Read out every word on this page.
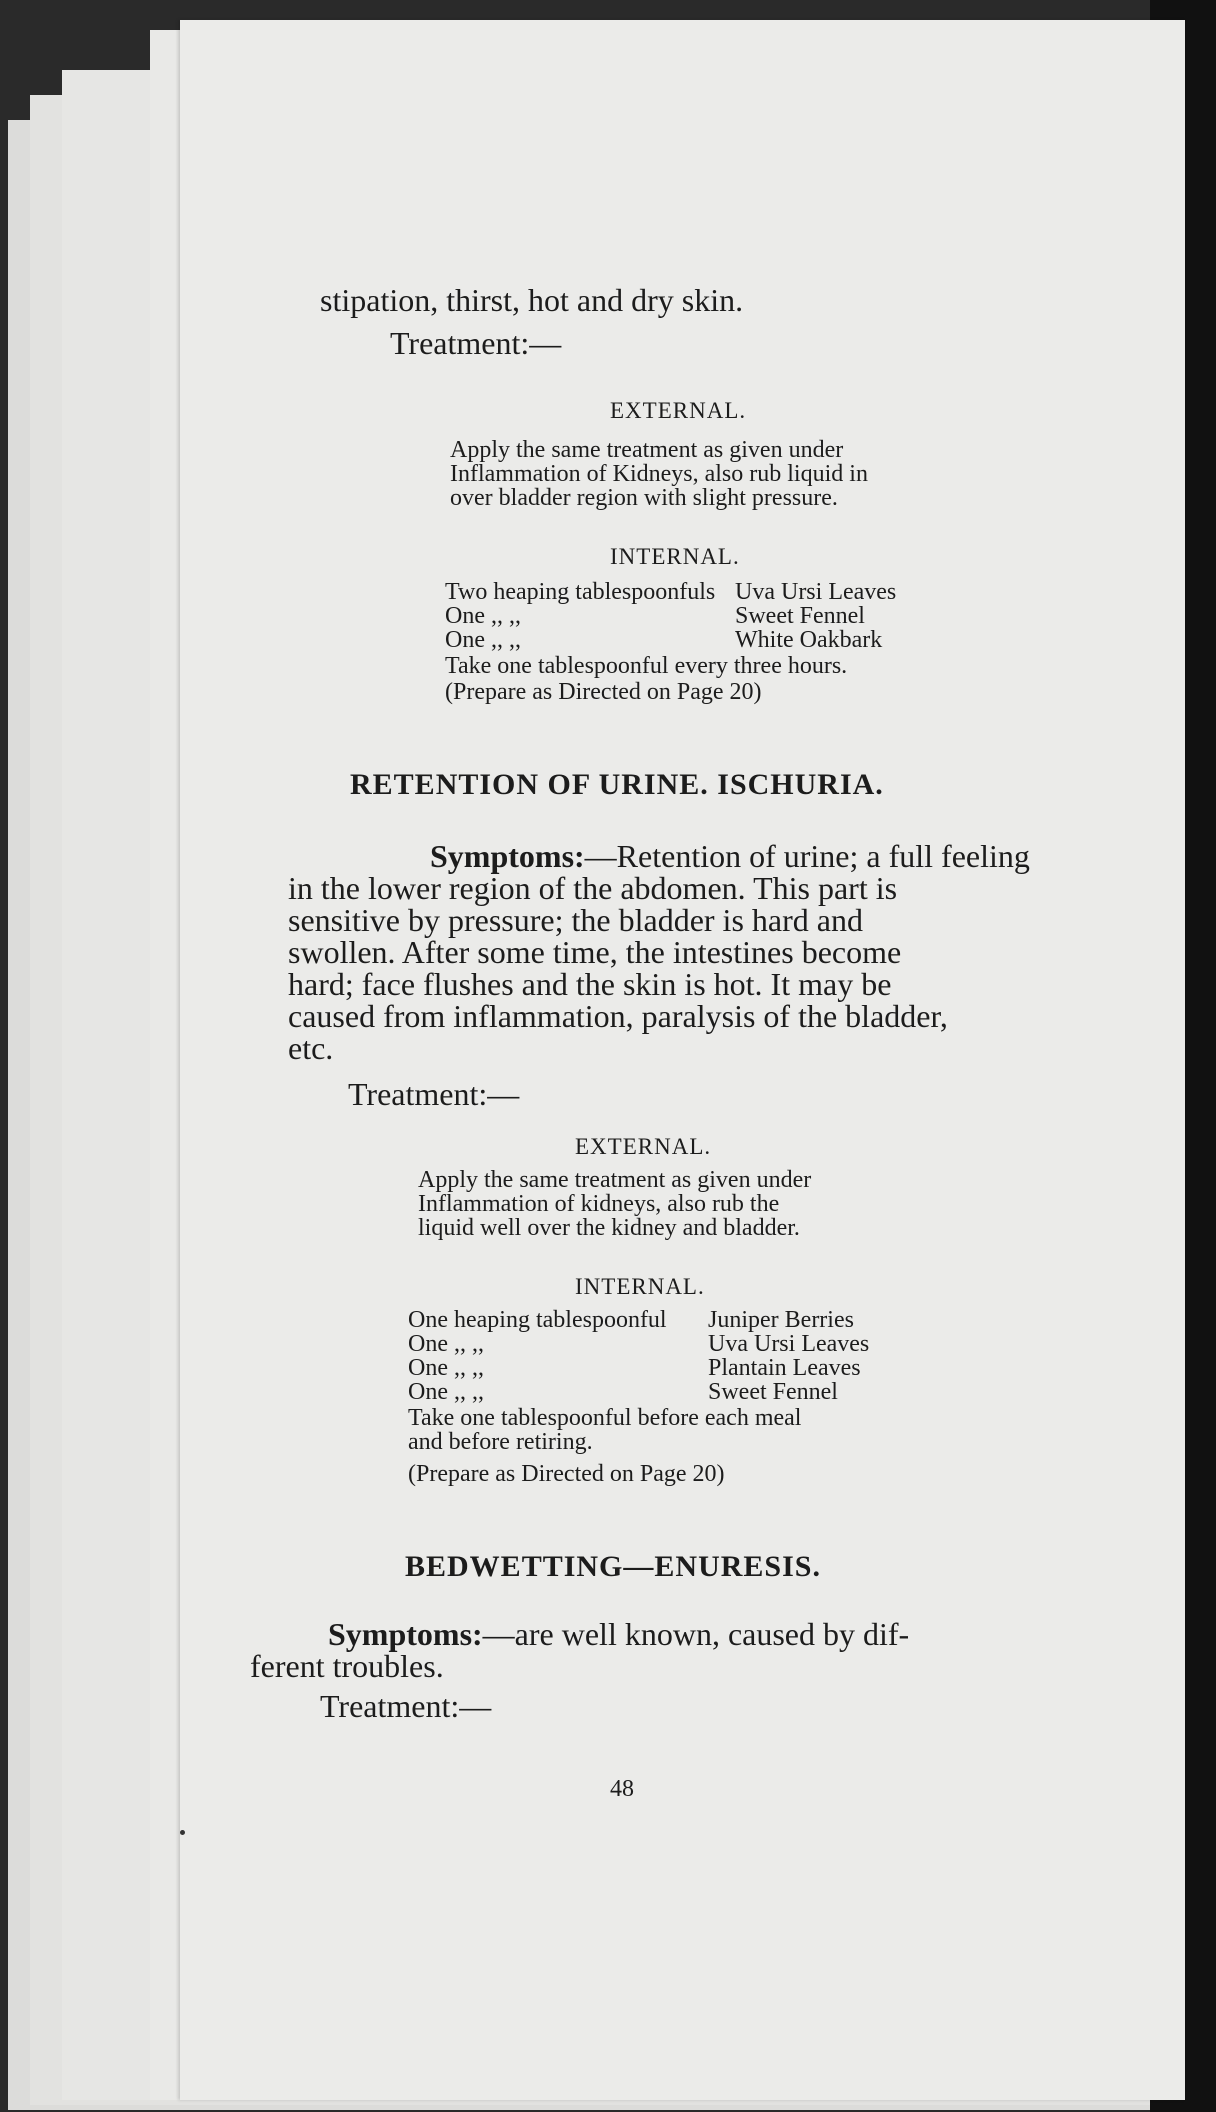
stipation, thirst, hot and dry skin.
Treatment:—
EXTERNAL.
Apply the same treatment as given under
Inflammation of Kidneys, also rub liquid in
over bladder region with slight pressure.
INTERNAL.
Two heaping tablespoonfuls Uva Ursi Leaves
One ,, ,,	Sweet Fennel
One ,, ,,	White Oakbark
Take one tablespoonful every three hours.
(Prepare as Directed on Page 20)
RETENTION OF URINE. ISCHURIA.
Symptoms:—Retention of urine; a full feeling
in the lower region of the abdomen. This part is
sensitive by pressure; the bladder is hard and
swollen. After some time, the intestines become
hard; face flushes and the skin is hot. It may be
caused from inflammation, paralysis of the bladder,
etc.
Treatment:—
EXTERNAL.
Apply the same treatment as given under
Inflammation of kidneys, also rub the
liquid well over the kidney and bladder.
INTERNAL.
One heaping tablespoonful Juniper Berries
One ,, ,,	Uva Ursi Leaves
One ,, ,,	Plantain Leaves
One ,, ,,	Sweet Fennel
Take one tablespoonful before each meal
and before retiring.
(Prepare as Directed on Page 20)
BEDWETTING—ENURESIS.
Symptoms:—are well known, caused by dif-
ferent troubles.
Treatment:—
48
